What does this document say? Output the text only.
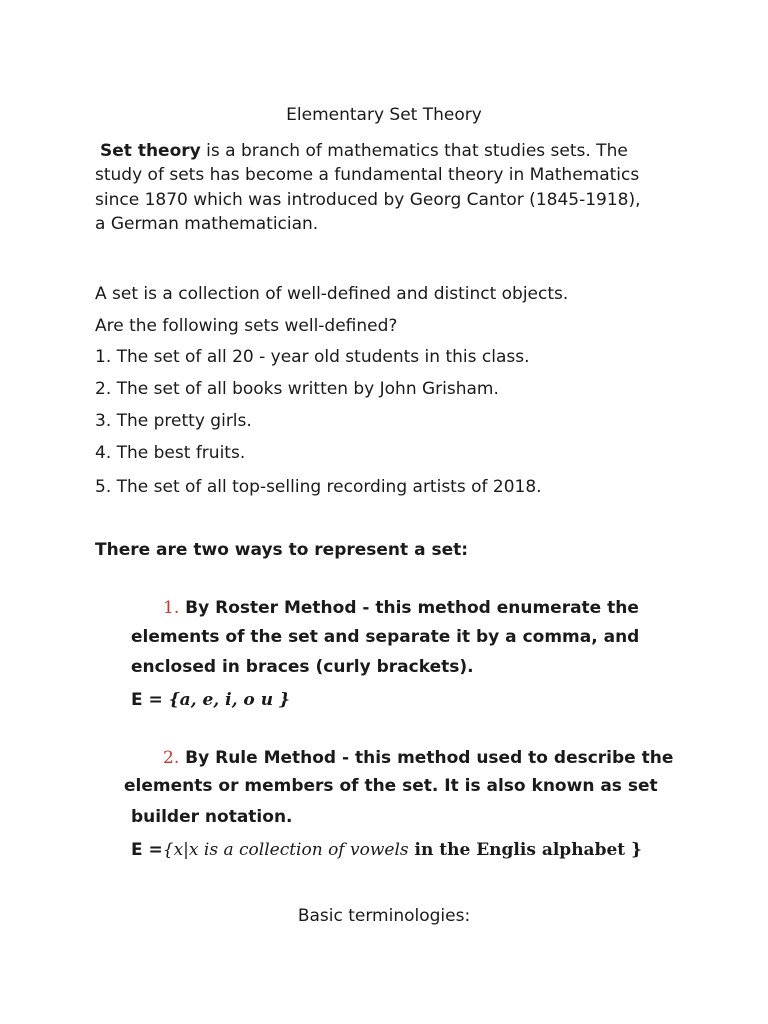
Elementary Set Theory
Set theory is a branch of mathematics that studies sets. The
study of sets has become a fundamental theory in Mathematics
since 1870 which was introduced by Georg Cantor (1845-1918),
a German mathematician.
A set is a collection of well-defined and distinct objects.
Are the following sets well-defined?
1. The set of all 20 - year old students in this class.
2. The set of all books written by John Grisham.
3. The pretty girls.
4. The best fruits.
5. The set of all top-selling recording artists of 2018.
There are two ways to represent a set:
1. By Roster Method - this method enumerate the
elements of the set and separate it by a comma, and
enclosed in braces (curly brackets).
E = {a, e, i, o u }
2. By Rule Method - this method used to describe the
elements or members of the set. It is also known as set
builder notation.
E ={x|x is a collection of vowels in the Englis alphabet }
Basic terminologies:
